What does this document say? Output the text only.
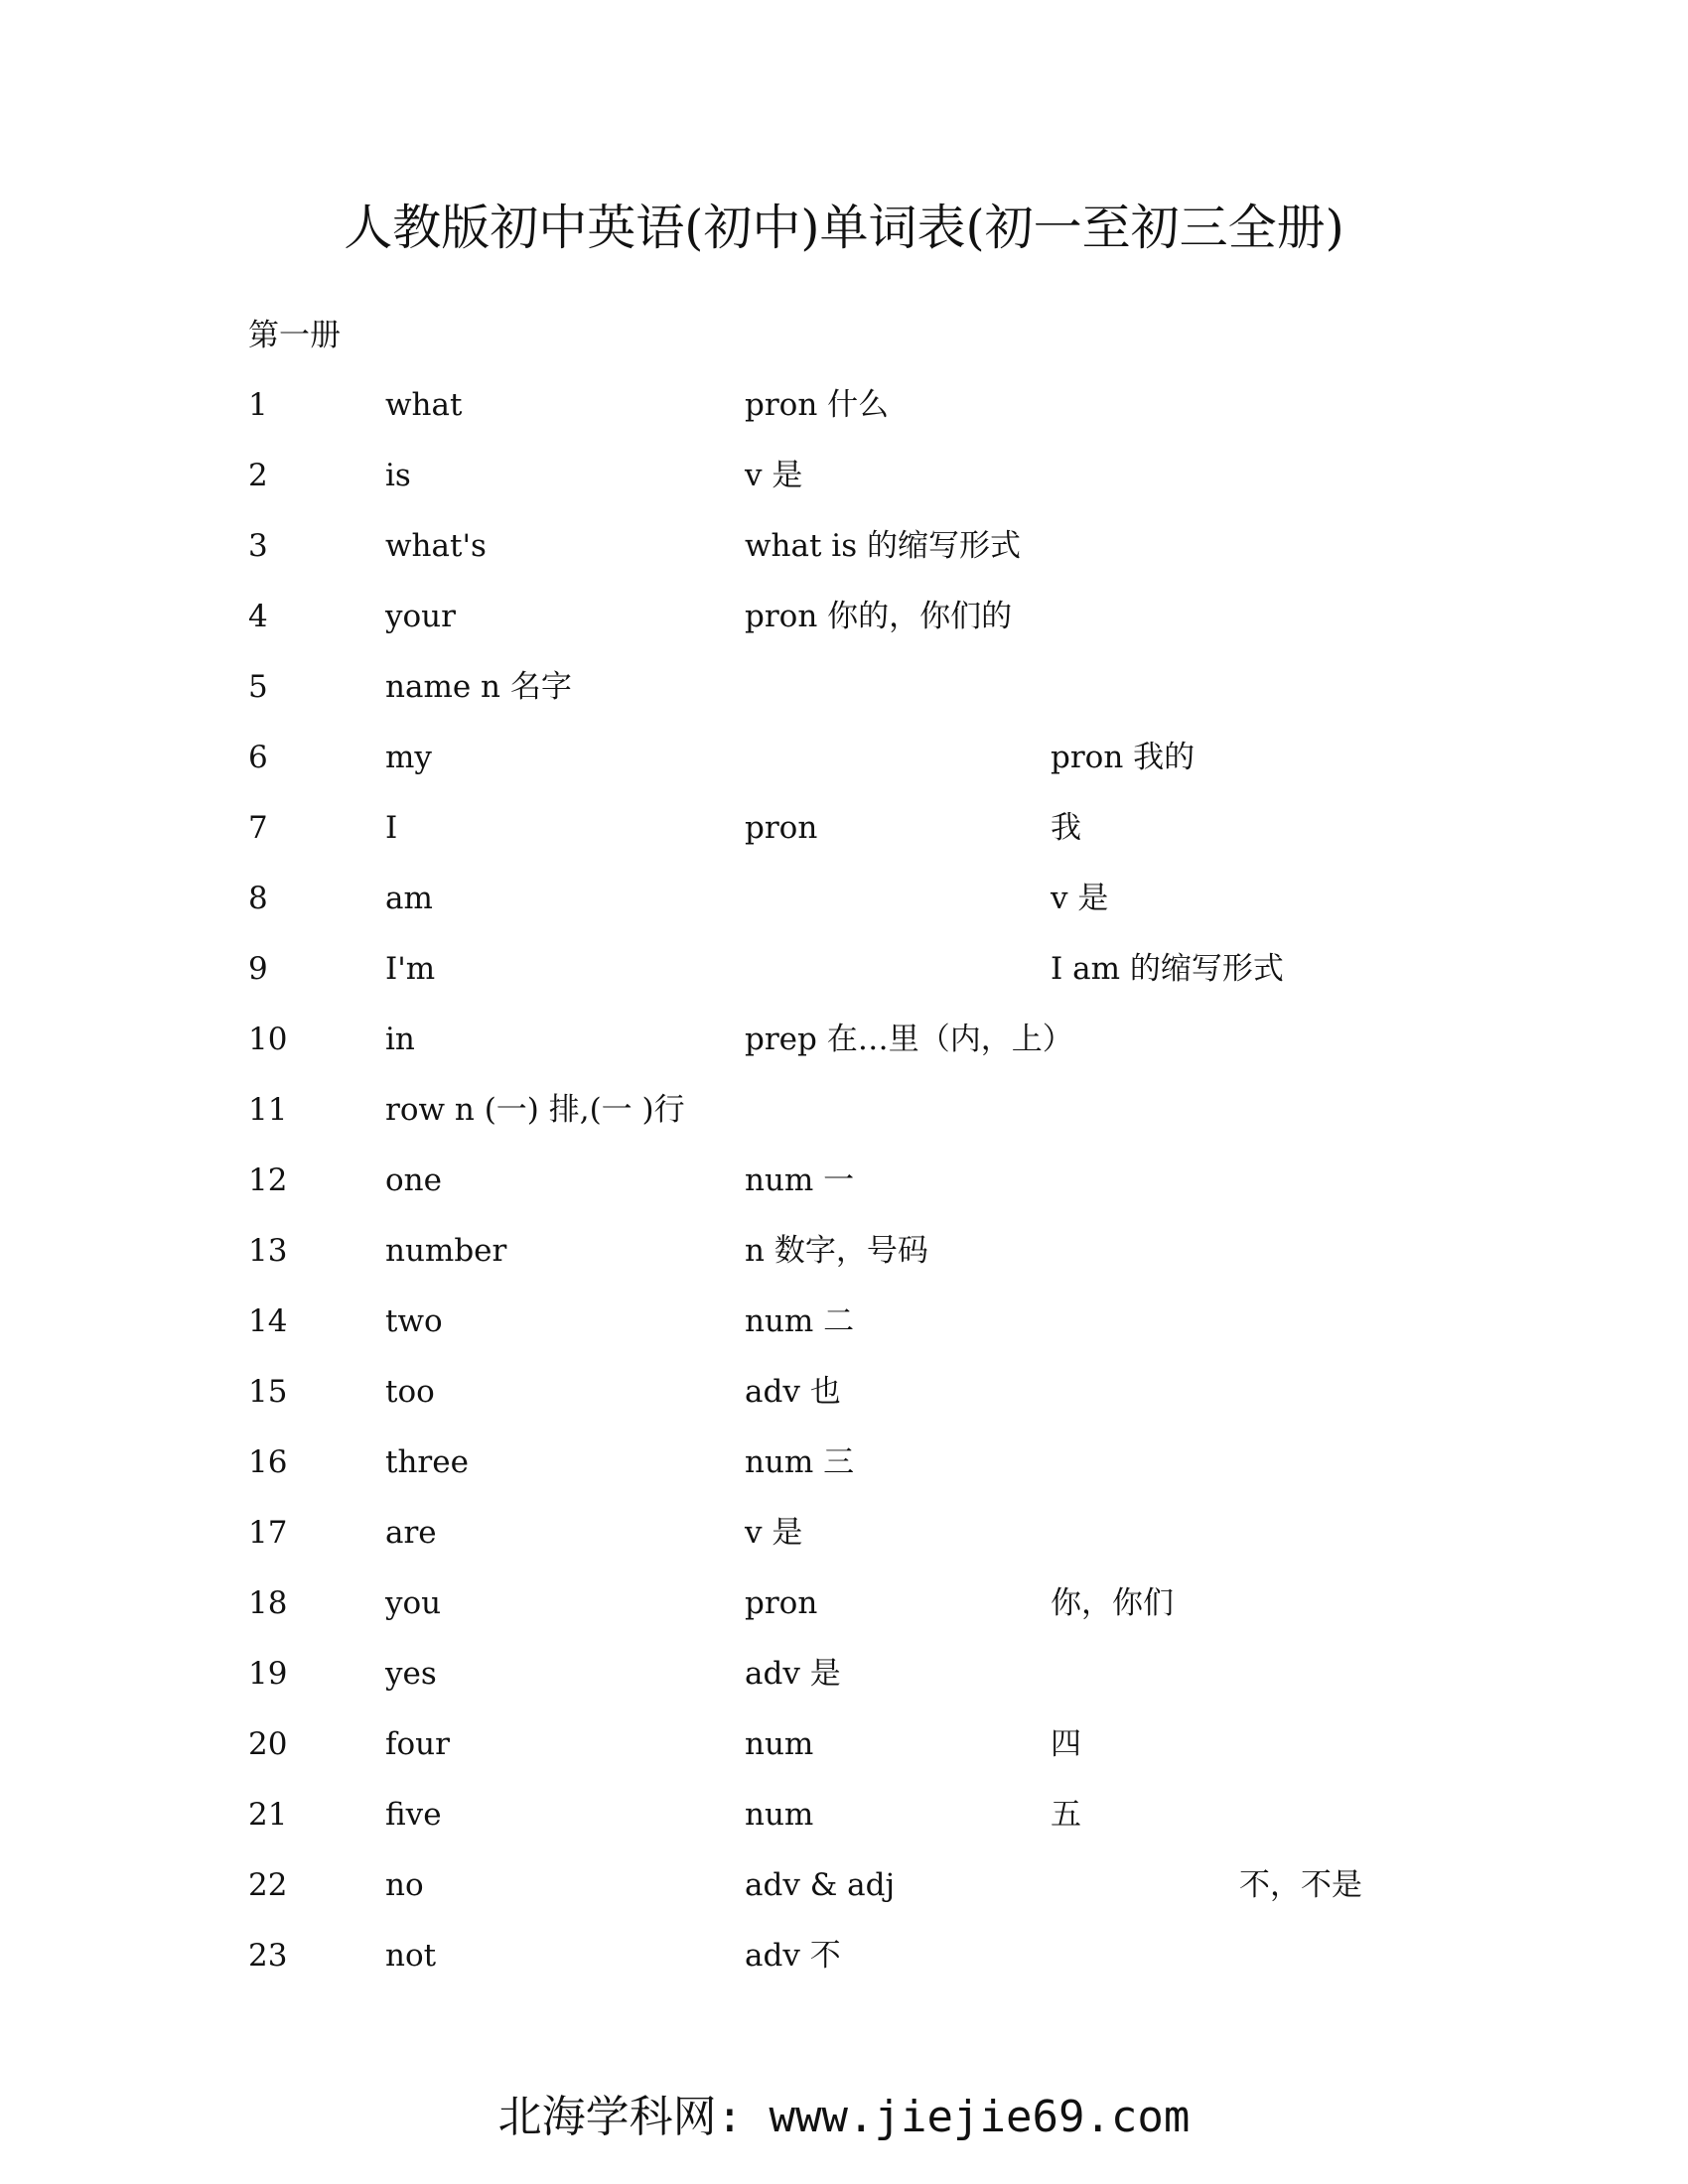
人教版初中英语(初中)单词表(初一至初三全册)
第一册
1	what	pron 什么
2	is	v 是
3	what's	what is 的缩写形式
4	your	pron 你的，你们的
5	name n 名字
6	my	pron 我的
7	I	pron	我
8	am	v 是
9	I'm	I am 的缩写形式
10	in	prep 在…里（内，上）
11	row n (一) 排,(一 )行
12	one	num 一
13	number	n 数字，号码
14	two	num 二
15	too	adv 也
16	three	num 三
17	are	v 是
18	you	pron	你，你们
19	yes	adv 是
20	four	num	四
21	five	num	五
22	no	adv & adj	不，不是
23	not	adv 不
北海学科网: www.jiejie69.com
